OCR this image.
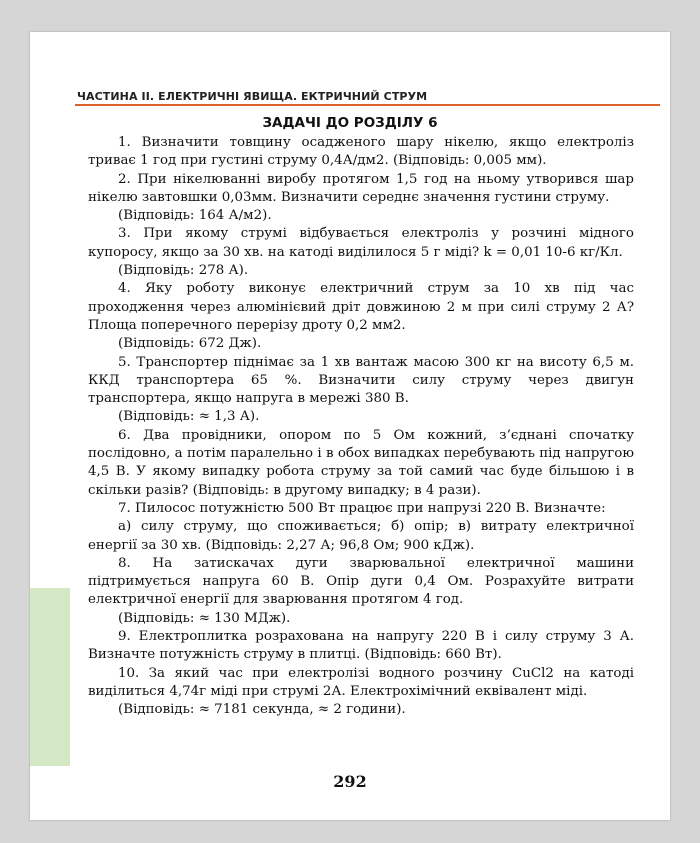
ЧАСТИНА ІІ. ЕЛЕКТРИЧНІ ЯВИЩА. ЕКТРИЧНИЙ СТРУМ
ЗАДАЧІ ДО РОЗДІЛУ 6

1. Визначити товщину осадженого шару нікелю, якщо електроліз триває 1 год при густині струму 0,4А/дм2. (Відповідь: 0,005 мм).

2. При нікелюванні виробу протягом 1,5 год на ньому утворився шар нікелю завтовшки 0,03мм. Визначити середнє значення густини струму.

(Відповідь: 164 А/м2).

3. При якому струмі відбувається електроліз у розчині мідного купоросу, якщо за 30 хв. на катоді виділилося 5 г міді? k = 0,01 10-6 кг/Кл.

(Відповідь: 278 А).

4. Яку роботу виконує електричний струм за 10 хв під час проходження через алюмінієвий дріт довжиною 2 м при силі струму 2 А? Площа поперечного перерізу дроту 0,2 мм2.

(Відповідь: 672 Дж).

5. Транспортер піднімає за 1 хв вантаж масою 300 кг на висоту 6,5 м. ККД транспортера 65 %. Визначити силу струму через двигун транспортера, якщо напруга в мережі 380 В.

(Відповідь: ≈ 1,3 А).

6. Два провідники, опором по 5 Ом кожний, з’єднані спочатку послідовно, а потім паралельно і в обох випадках перебувають під напругою 4,5 В. У якому випадку робота струму за той самий час буде більшою і в скільки разів? (Відповідь: в другому випадку; в 4 рази).

7. Пилосос потужністю 500 Вт працює при напрузі 220 В. Визначте:

а) силу струму, що споживається; б) опір; в) витрату електричної енергії за 30 хв. (Відповідь: 2,27 А; 96,8 Ом; 900 кДж).

8. На затискачах дуги зварювальної електричної машини підтримується напруга 60 В. Опір дуги 0,4 Ом. Розрахуйте витрати електричної енергії для зварювання протягом 4 год.

(Відповідь: ≈ 130 МДж).

9. Електроплитка розрахована на напругу 220 В і силу струму 3 А. Визначте потужність струму в плитці. (Відповідь: 660 Вт).

10. За який час при електролізі водного розчину CuCl2 на катоді виділиться 4,74г міді при струмі 2А. Електрохімічний еквівалент міді.

(Відповідь: ≈ 7181 секунда, ≈ 2 години).

292
